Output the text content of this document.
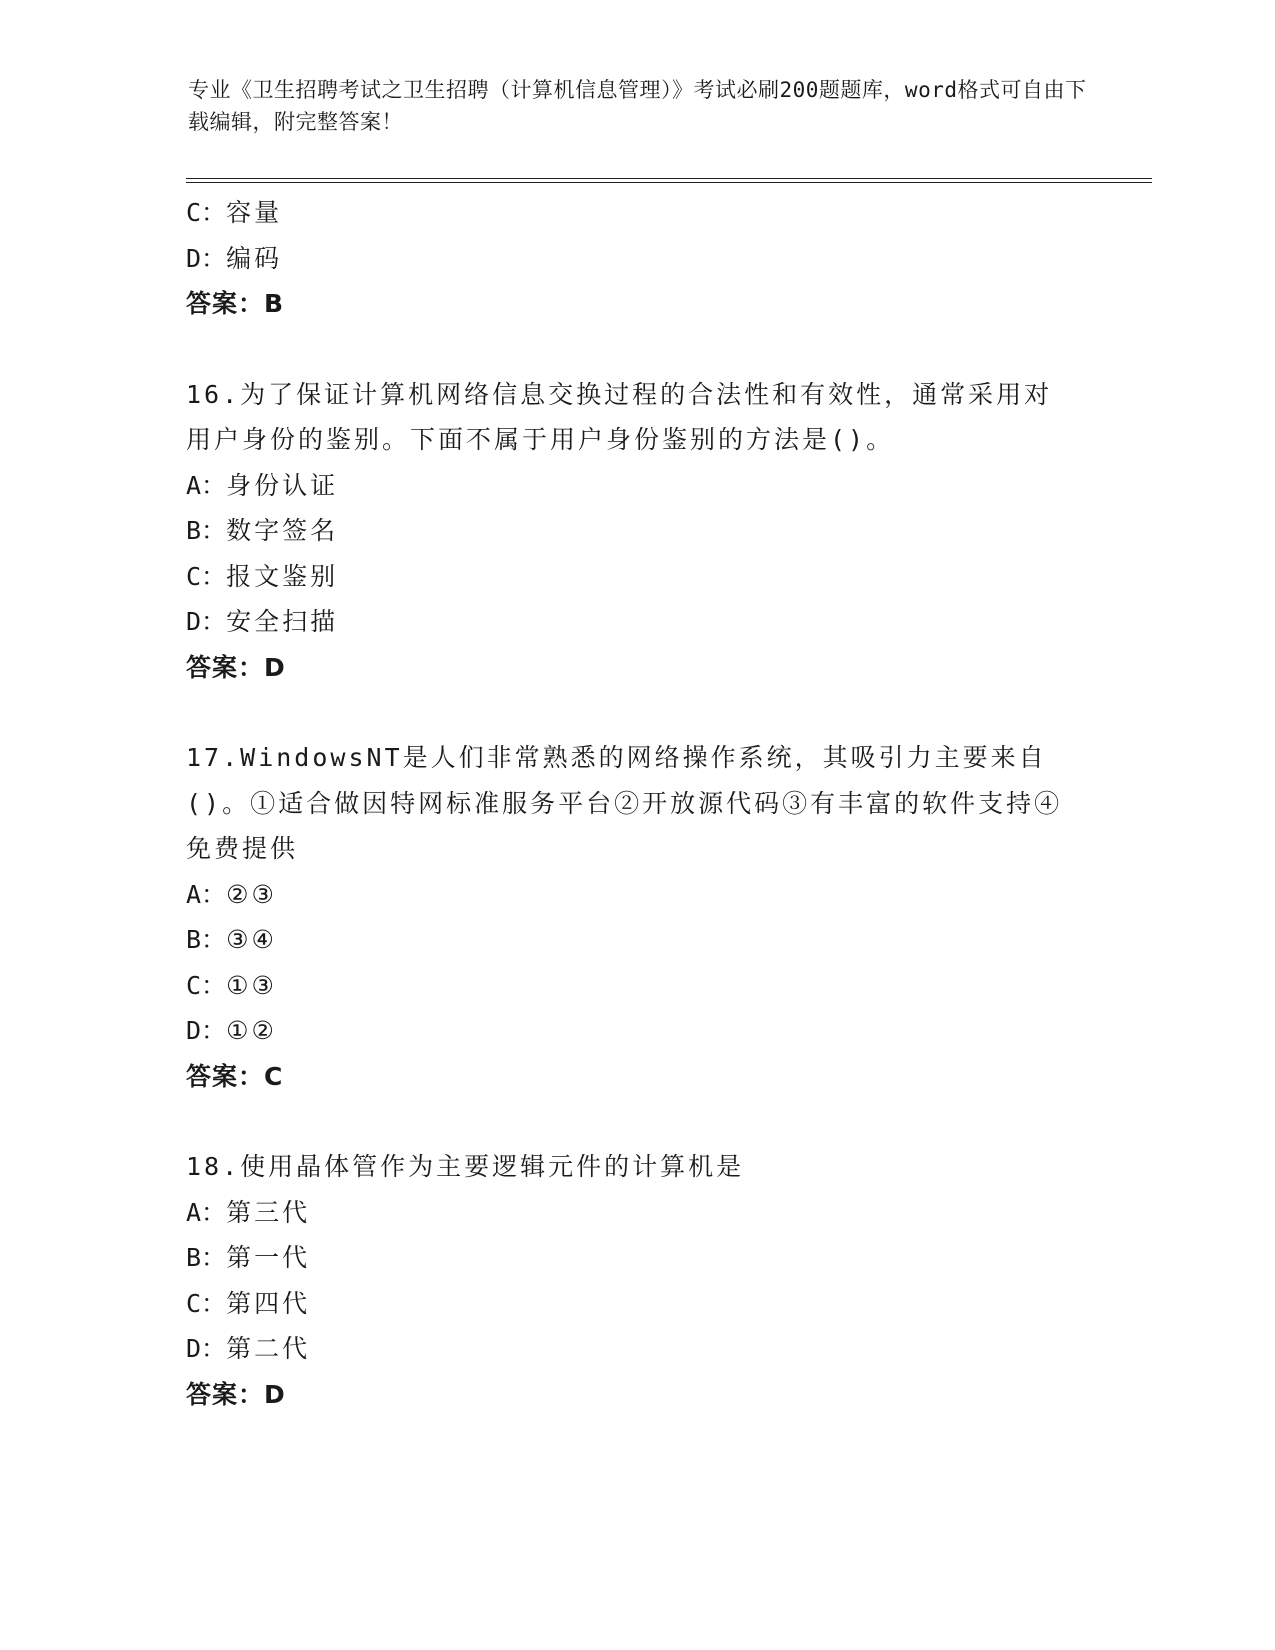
专业《卫生招聘考试之卫生招聘（计算机信息管理）》考试必刷200题题库，word格式可自由下载编辑，附完整答案！
C：容量
D：编码
答案：B
16.为了保证计算机网络信息交换过程的合法性和有效性，通常采用对用户身份的鉴别。下面不属于用户身份鉴别的方法是()。
A：身份认证
B：数字签名
C：报文鉴别
D：安全扫描
答案：D
17.WindowsNT是人们非常熟悉的网络操作系统，其吸引力主要来自()。①适合做因特网标准服务平台②开放源代码③有丰富的软件支持④免费提供
A：②③
B：③④
C：①③
D：①②
答案：C
18.使用晶体管作为主要逻辑元件的计算机是
A：第三代
B：第一代
C：第四代
D：第二代
答案：D
